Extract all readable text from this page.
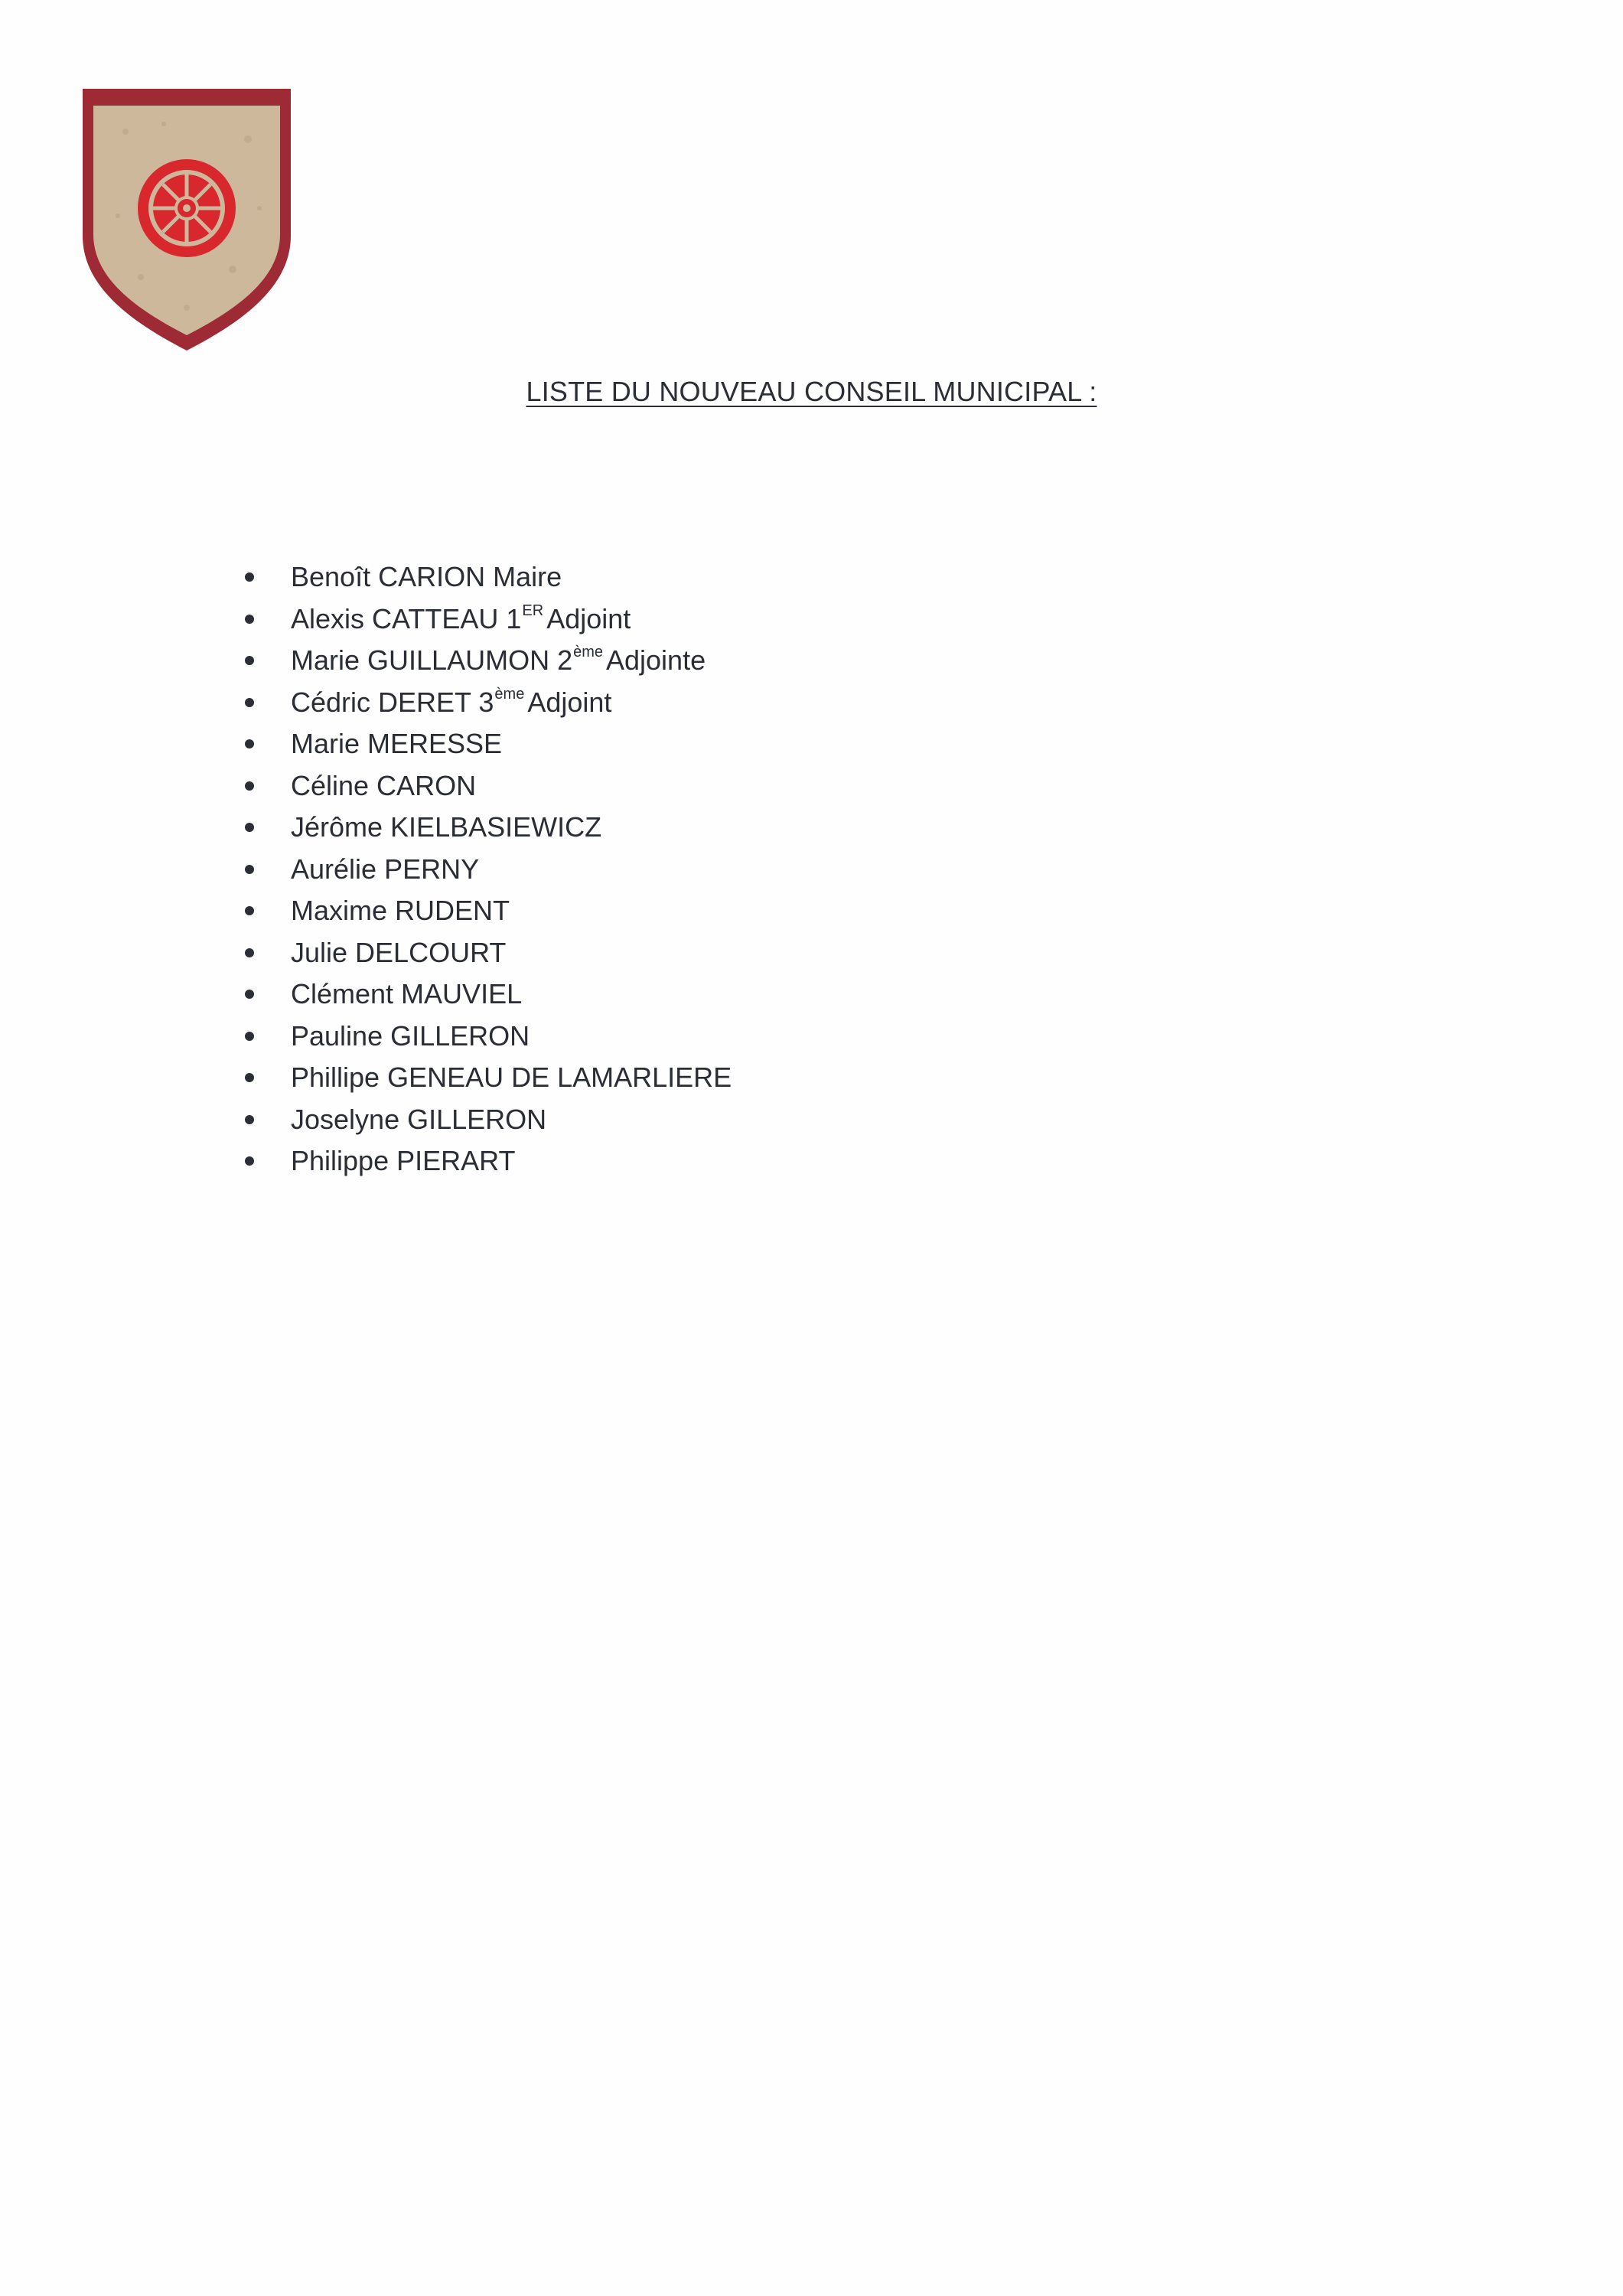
LISTE DU NOUVEAU CONSEIL MUNICIPAL :
Benoît CARION Maire
Alexis CATTEAU 1ER Adjoint
Marie GUILLAUMON 2ème Adjointe
Cédric DERET 3ème Adjoint
Marie MERESSE
Céline CARON
Jérôme KIELBASIEWICZ
Aurélie PERNY
Maxime RUDENT
Julie DELCOURT
Clément MAUVIEL
Pauline GILLERON
Phillipe GENEAU DE LAMARLIERE
Joselyne GILLERON
Philippe PIERART
